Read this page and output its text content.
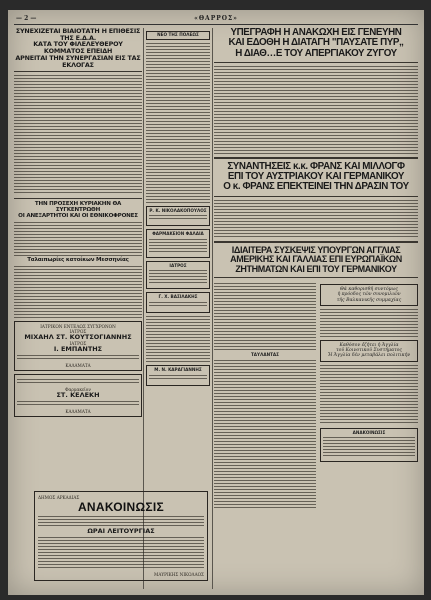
— 2 —	«ΘΑΡΡΟΣ»
ΣΥΝΕΧΙΖΕΤΑΙ ΒΙΑΙΟΤΑΤΗ Η ΕΠΙΘΕΣΙΣ ΤΗΣ Ε.Δ.Α.
ΚΑΤΑ ΤΟΥ ΦΙΛΕΛΕΥΘΕΡΟΥ ΚΟΜΜΑΤΟΣ ΕΠΕΙΔΗ
ΑΡΝΕΙΤΑΙ ΤΗΝ ΣΥΝΕΡΓΑΣΙΑΝ ΕΙΣ ΤΑΣ ΕΚΛΟΓΑΣ
ΤΗΝ ΠΡΟΣΕΧΗ ΚΥΡΙΑΚΗΝ ΘΑ ΣΥΓΚΕΝΤΡΩΘΗ
ΟΙ ΑΝΕΞΑΡΤΗΤΟΙ ΚΑΙ ΟΙ ΕΘΝΙΚΟΦΡΟΝΕΣ
Ταλαιπωρίες κατοίκων Μεσσηνίας
ΙΑΤΡΙΚΟΝ ΕΝΤΕΛΩΣ ΣΥΓΧΡΟΝΟΝ
ΙΑΤΡΟΣ
ΜΙΧΑΗΛ ΣΤ. ΚΟΥΤΣΟΓΙΑΝΝΗΣ
ΙΑΤΡΟΣ
Ι. ΕΜΠΑΝΤΗΣ
ΚΑΛΑΜΑΤΑ
Φαρμακεῖον
ΣΤ. ΚΕΛΕΚΗ
ΚΑΛΑΜΑΤΑ
ΔΗΜΟΣ ΑΡΚΑΔΙΑΣ
ΑΝΑΚΟΙΝΩΣΙΣ
ΩΡΑΙ ΛΕΙΤΟΥΡΓΙΑΣ
ΜΑΥΡΙΚΗΣ ΝΙΚΟΛΑΟΣ
ΝΕΟ ΤΗΣ ΠΟΛΕΩΣ
Ρ. Κ. ΝΙΚΟΛΑΚΟΠΟΥΛΟΣ
ΦΑΡΜΑΚΕΙΟΝ ΦΑΛΑΙΑ
ΙΑΤΡΟΣ
Γ. Χ. ΒΑΣΙΛΑΚΗΣ
Μ. Ν. ΚΑΡΑΓΙΑΝΝΗΣ
ΥΠΕΓΡΑΦΗ Η ΑΝΑΚΩΧΗ ΕΙΣ ΓΕΝΕΥΗΝ
ΚΑΙ ΕΔΟΘΗ Η ΔΙΑΤΑΓΗ "ΠΑΥΣΑΤΕ ΠΥΡ„
Η ΔΙΑΘ…Ε ΤΟΥ ΑΠΕΡΓΙΑΚΟΥ ΖΥΓΟΥ
ΣΥΝΑΝΤΗΣΕΙΣ κ.κ. ΦΡΑΝΣ ΚΑΙ ΜΙΛΛΟΓΦ
ΕΠΙ ΤΟΥ ΑΥΣΤΡΙΑΚΟΥ ΚΑΙ ΓΕΡΜΑΝΙΚΟΥ
Ο κ. ΦΡΑΝΣ ΕΠΕΚΤΕΙΝΕΙ ΤΗΝ ΔΡΑΣΙΝ ΤΟΥ
ΙΔΙΑΙΤΕΡΑ ΣΥΣΚΕΨΙΣ ΥΠΟΥΡΓΩΝ ΑΓΓΛΙΑΣ
ΑΜΕΡΙΚΗΣ ΚΑΙ ΓΑΛΛΙΑΣ ΕΠΙ ΕΥΡΩΠΑΪΚΩΝ
ΖΗΤΗΜΑΤΩΝ ΚΑΙ ΕΠΙ ΤΟΥ ΓΕΡΜΑΝΙΚΟΥ
ΤΑΥΛΑΝΤΑΣ
Θά καθορισθῆ συντόμως
ἡ πρόοδος τῶν συνομιλιῶν
τῆς Βαλκανικῆς συμμαχίας
Καθόσον ἐζήτει ἡ Ἀγγλία
τοῦ Κοινοτικοῦ Συστήματος
Ἡ Ἀγγλία δέν μεταβάλει πολιτικήν
ΑΝΑΚΟΙΝΩΣΙΣ
